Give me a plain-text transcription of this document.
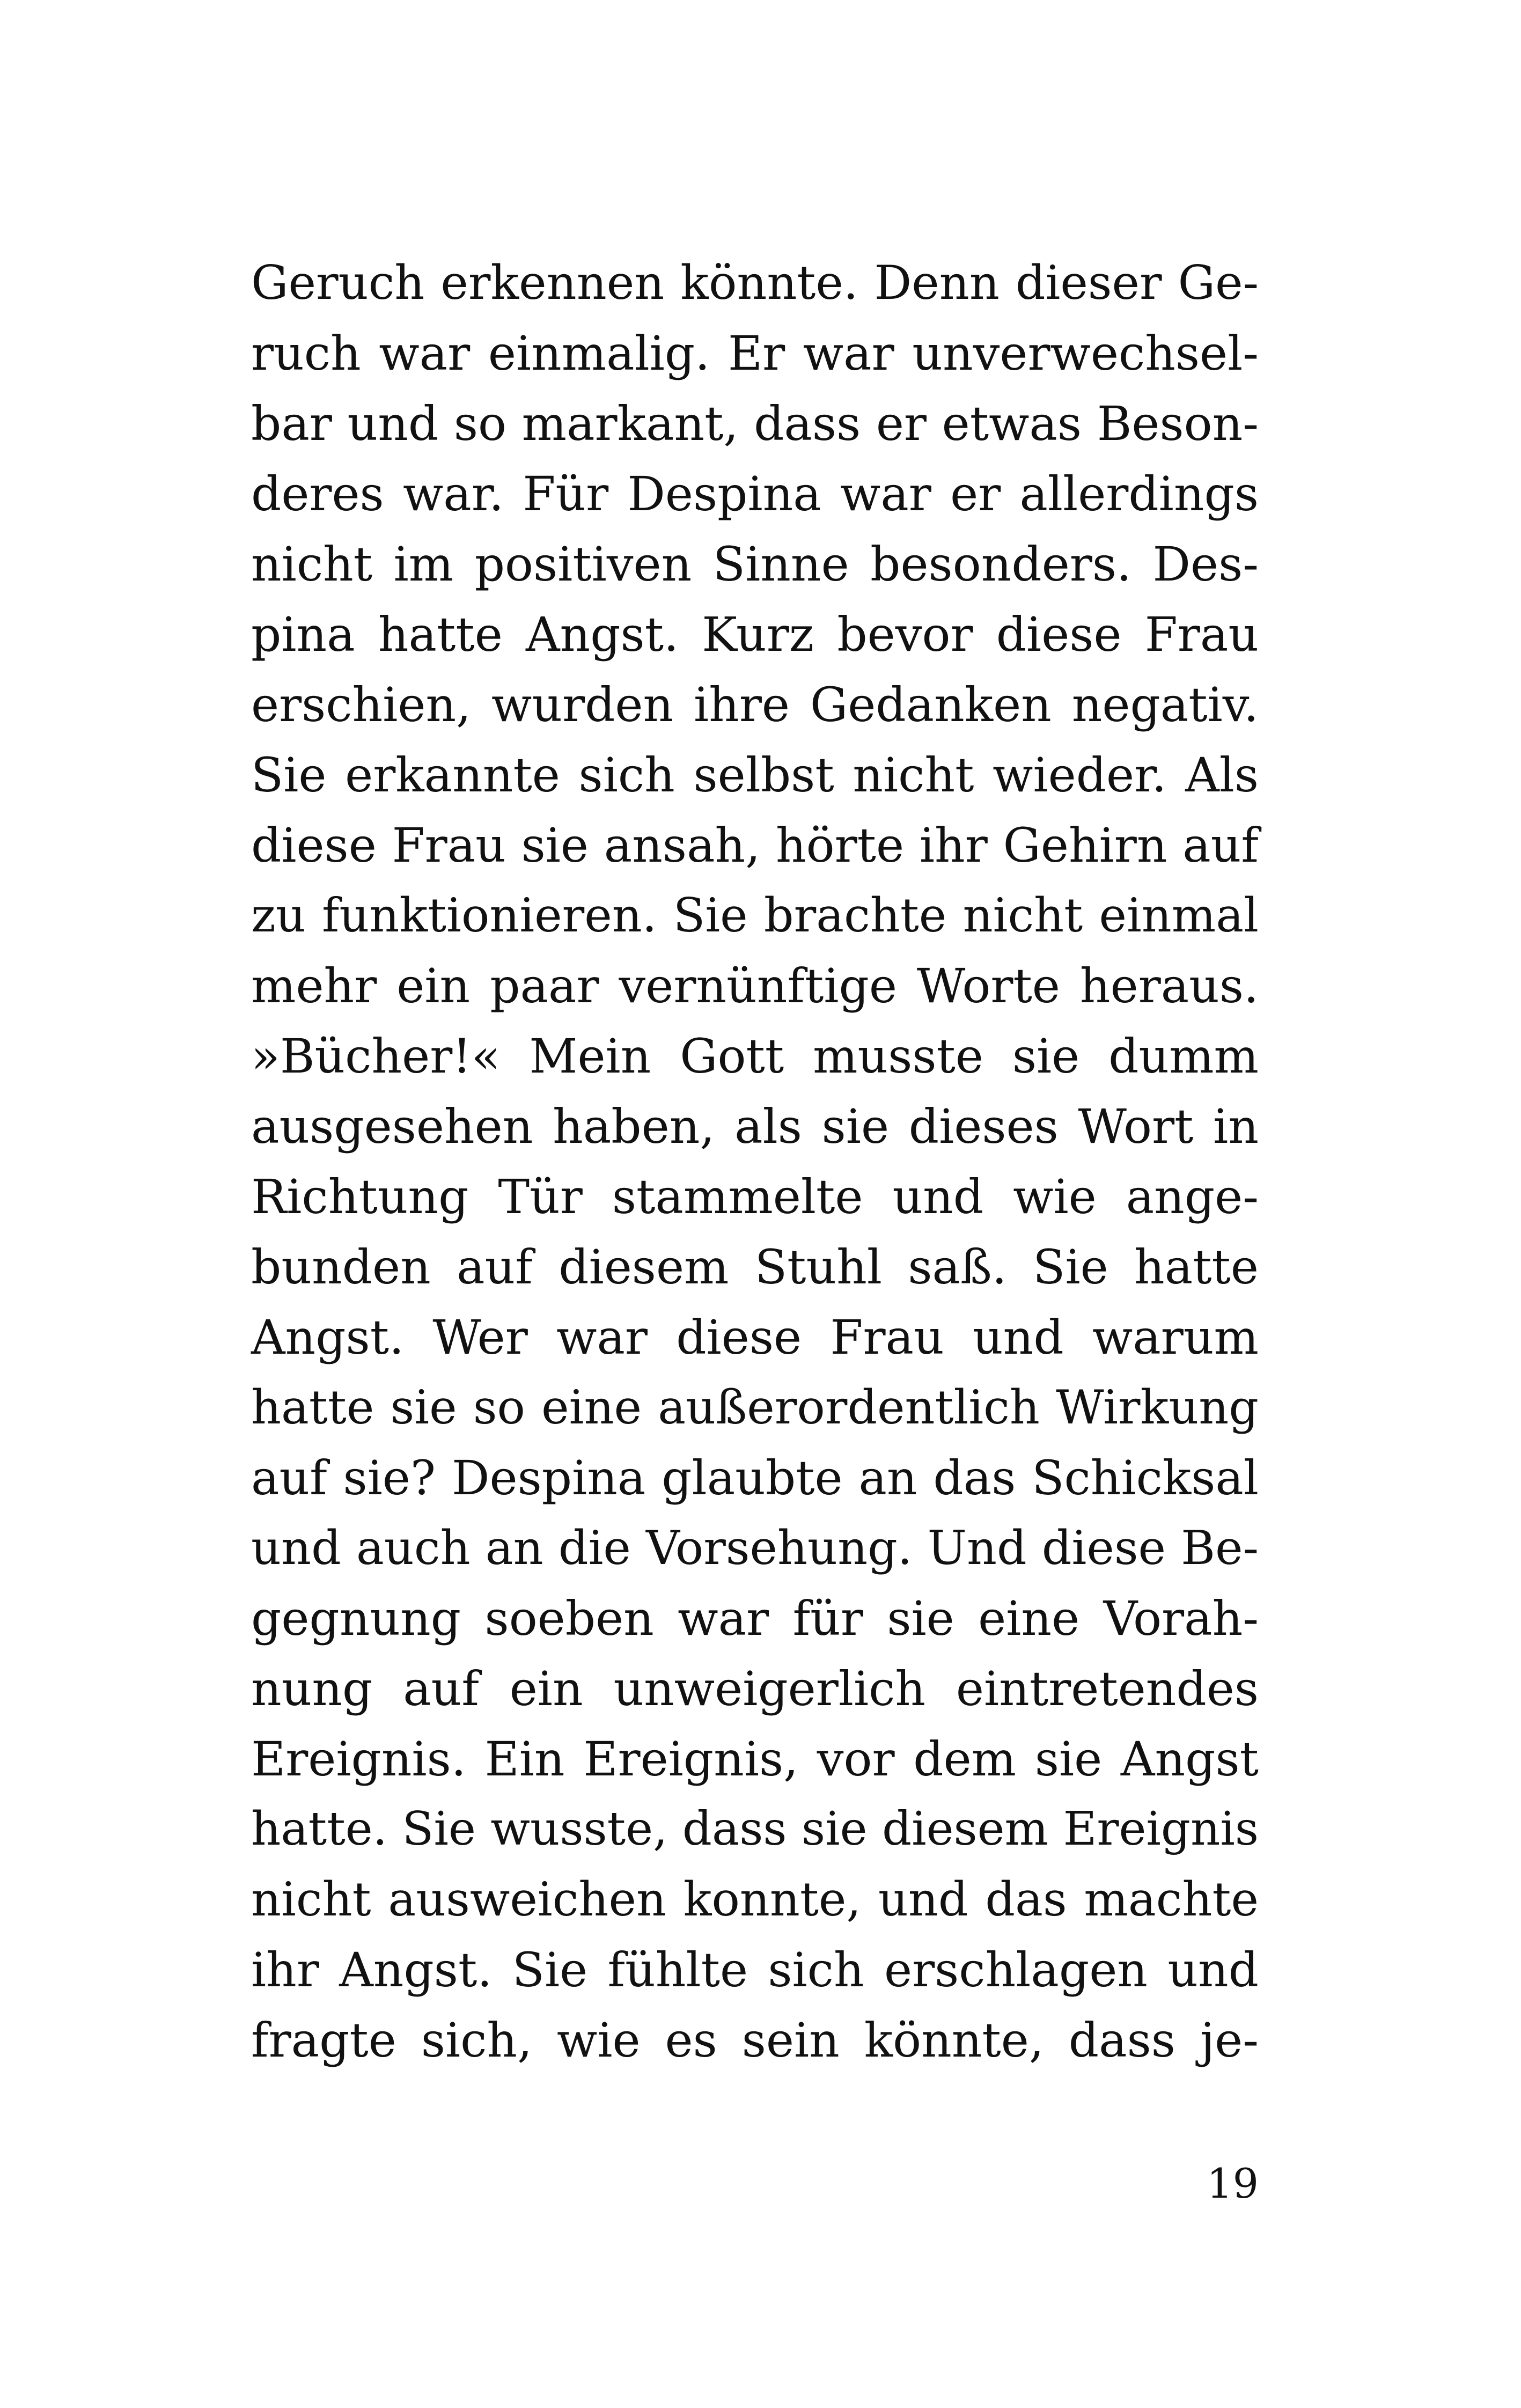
Geruch erkennen könnte. Denn dieser Ge-
ruch war einmalig. Er war unverwechsel-
bar und so markant, dass er etwas Beson-
deres war. Für Despina war er allerdings
nicht im positiven Sinne besonders. Des-
pina hatte Angst. Kurz bevor diese Frau
erschien, wurden ihre Gedanken negativ.
Sie erkannte sich selbst nicht wieder. Als
diese Frau sie ansah, hörte ihr Gehirn auf
zu funktionieren. Sie brachte nicht einmal
mehr ein paar vernünftige Worte heraus.
»Bücher!« Mein Gott musste sie dumm
ausgesehen haben, als sie dieses Wort in
Richtung Tür stammelte und wie ange-
bunden auf diesem Stuhl saß. Sie hatte
Angst. Wer war diese Frau und warum
hatte sie so eine außerordentlich Wirkung
auf sie? Despina glaubte an das Schicksal
und auch an die Vorsehung. Und diese Be-
gegnung soeben war für sie eine Vorah-
nung auf ein unweigerlich eintretendes
Ereignis. Ein Ereignis, vor dem sie Angst
hatte. Sie wusste, dass sie diesem Ereignis
nicht ausweichen konnte, und das machte
ihr Angst. Sie fühlte sich erschlagen und
fragte sich, wie es sein könnte, dass je-
19
